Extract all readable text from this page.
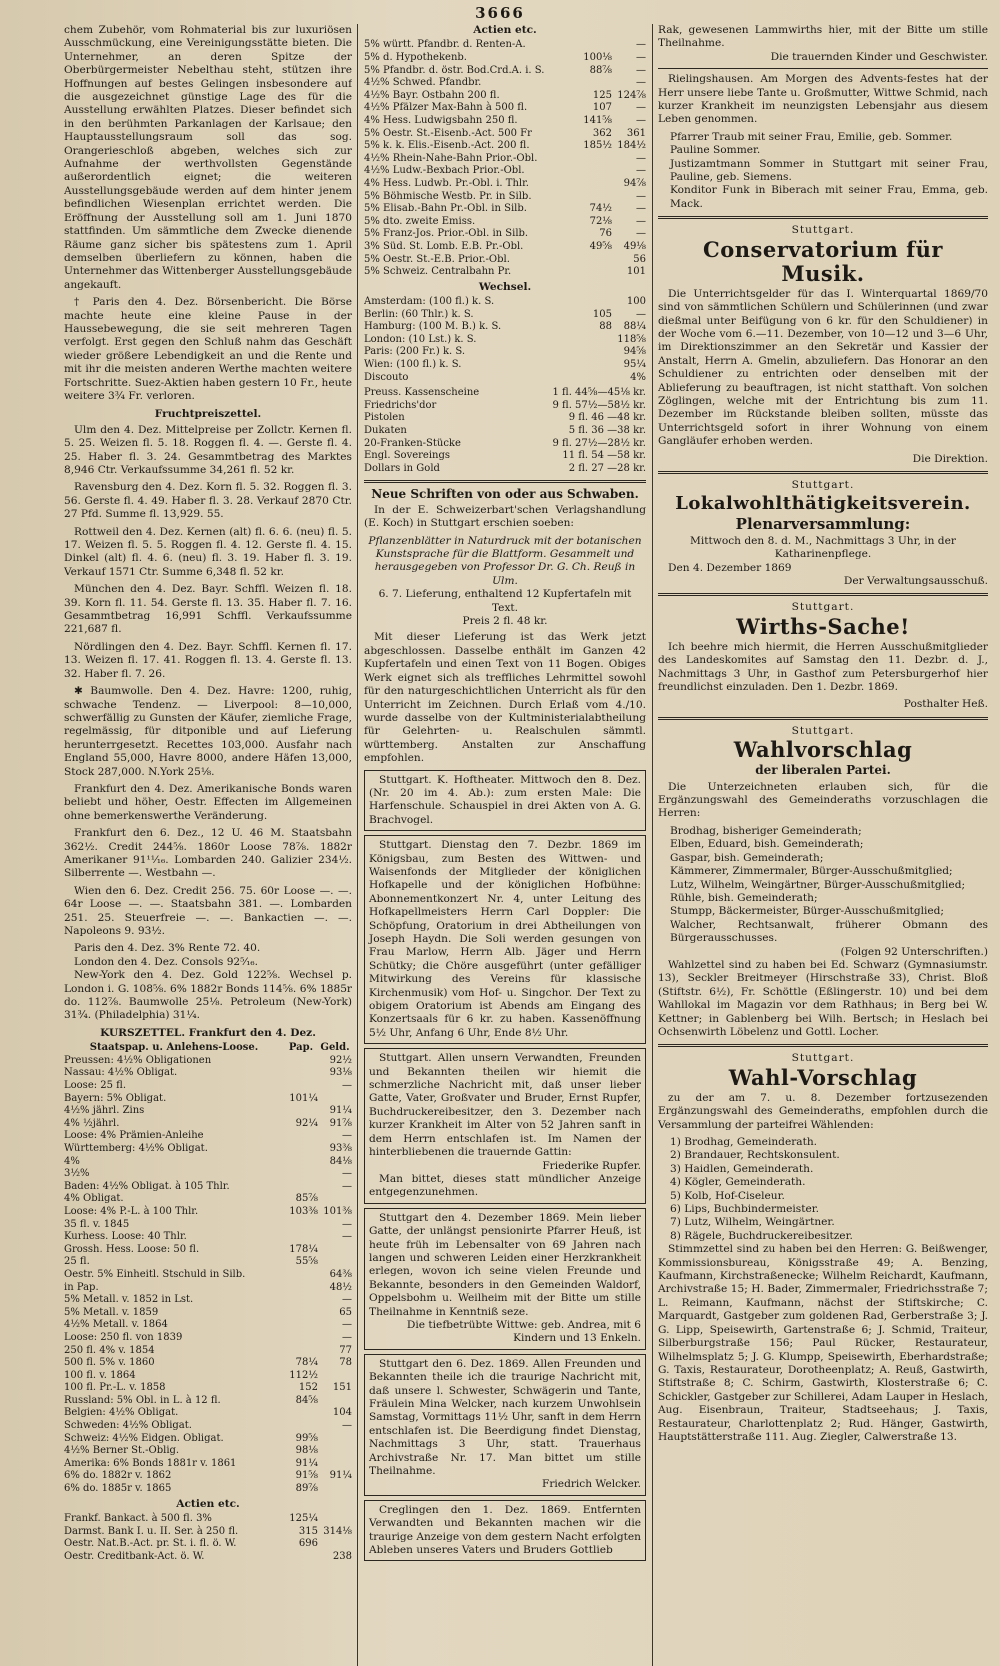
3666

chem Zubehör, vom Rohmaterial bis zur luxuriösen Ausschmückung, eine Vereinigungsstätte bieten. Die Unternehmer, an deren Spitze der Oberbürgermeister Nebelthau steht, stützen ihre Hoffnungen auf bestes Gelingen insbesondere auf die ausgezeichnet günstige Lage des für die Ausstellung erwählten Platzes. Dieser befindet sich in den berühmten Parkanlagen der Karlsaue; den Hauptausstellungsraum soll das sog. Orangerieschloß abgeben, welches sich zur Aufnahme der werthvollsten Gegenstände außerordentlich eignet; die weiteren Ausstellungsgebäude werden auf dem hinter jenem befindlichen Wiesenplan errichtet werden. Die Eröffnung der Ausstellung soll am 1. Juni 1870 stattfinden. Um sämmtliche dem Zwecke dienende Räume ganz sicher bis spätestens zum 1. April demselben überliefern zu können, haben die Unternehmer das Wittenberger Ausstellungsgebäude angekauft.

† Paris den 4. Dez. Börsenbericht. Die Börse machte heute eine kleine Pause in der Haussebewegung, die sie seit mehreren Tagen verfolgt. Erst gegen den Schluß nahm das Geschäft wieder größere Lebendigkeit an und die Rente und mit ihr die meisten anderen Werthe machten weitere Fortschritte. Suez-Aktien haben gestern 10 Fr., heute weitere 3¾ Fr. verloren.

Fruchtpreiszettel.

Ulm den 4. Dez. Mittelpreise per Zollctr. Kernen fl. 5. 25. Weizen fl. 5. 18. Roggen fl. 4. —. Gerste fl. 4. 25. Haber fl. 3. 24. Gesammtbetrag des Marktes 8,946 Ctr. Verkaufssumme 34,261 fl. 52 kr.

Ravensburg den 4. Dez. Korn fl. 5. 32. Roggen fl. 3. 56. Gerste fl. 4. 49. Haber fl. 3. 28. Verkauf 2870 Ctr. 27 Pfd. Summe fl. 13,929. 55.

Rottweil den 4. Dez. Kernen (alt) fl. 6. 6. (neu) fl. 5. 17. Weizen fl. 5. 5. Roggen fl. 4. 12. Gerste fl. 4. 15. Dinkel (alt) fl. 4. 6. (neu) fl. 3. 19. Haber fl. 3. 19. Verkauf 1571 Ctr. Summe 6,348 fl. 52 kr.

München den 4. Dez. Bayr. Schffl. Weizen fl. 18. 39. Korn fl. 11. 54. Gerste fl. 13. 35. Haber fl. 7. 16. Gesammtbetrag 16,991 Schffl. Verkaufssumme 221,687 fl.

Nördlingen den 4. Dez. Bayr. Schffl. Kernen fl. 17. 13. Weizen fl. 17. 41. Roggen fl. 13. 4. Gerste fl. 13. 32. Haber fl. 7. 26.

✱ Baumwolle. Den 4. Dez. Havre: 1200, ruhig, schwache Tendenz. — Liverpool: 8—10,000, schwerfällig zu Gunsten der Käufer, ziemliche Frage, regelmässig, für ditponible und auf Lieferung herunterrgesetzt. Recettes 103,000. Ausfahr nach England 55,000, Havre 8000, andere Häfen 13,000, Stock 287,000. N.York 25⅛.

Frankfurt den 4. Dez. Amerikanische Bonds waren beliebt und höher, Oestr. Effecten im Allgemeinen ohne bemerkenswerthe Veränderung.

Frankfurt den 6. Dez., 12 U. 46 M. Staatsbahn 362½. Credit 244⅝. 1860r Loose 78⅞. 1882r Amerikaner 91¹¹⁄₁₆. Lombarden 240. Galizier 234½. Silberrente —. Westbahn —.

Wien den 6. Dez. Credit 256. 75. 60r Loose —. —. 64r Loose —. —. Staatsbahn 381. —. Lombarden 251. 25. Steuerfreie —. —. Bankactien —. —. Napoleons 9. 93½.

Paris den 4. Dez. 3% Rente 72. 40.

London den 4. Dez. Consols 92⁵⁄₁₆.

New-York den 4. Dez. Gold 122⅝. Wechsel p. London i. G. 108⅝. 6% 1882r Bonds 114⅝. 6% 1885r do. 112⅞. Baumwolle 25⅛. Petroleum (New-York) 31¾. (Philadelphia) 31¼.

KURSZETTEL. Frankfurt den 4. Dez.
Staatspap. u. Anlehens-Loose.	Pap.	Geld.
Preussen: 4½% Obligationen		92½
Nassau: 4½% Obligat.		93⅛
Loose: 25 fl.		—
Bayern: 5% Obligat.	101¼	
4½% jährl. Zins		91¼
4% ½jährl.	92¼	91⅞
Loose: 4% Prämien-Anleihe		—
Württemberg: 4½% Obligat.		93⅜
4%		84⅛
3½%		—
Baden: 4½% Obligat. à 105 Thlr.		—
4% Obligat.	85⅞	
Loose: 4% P.-L. à 100 Thlr.	103⅜	101⅜
35 fl. v. 1845		—
Kurhess. Loose: 40 Thlr.		—
Grossh. Hess. Loose: 50 fl.	178¼	
25 fl.	55⅝	
Oestr. 5% Einheitl. Stschuld in Silb.		64⅜
in Pap.		48½
5% Metall. v. 1852 in Lst.		—
5% Metall. v. 1859		65
4½% Metall. v. 1864		—
Loose: 250 fl. von 1839		—
250 fl. 4% v. 1854		77
500 fl. 5% v. 1860	78¼	78
100 fl. v. 1864	112½	
100 fl. Pr.-L. v. 1858	152	151
Russland: 5% Obl. in L. à 12 fl.	84⅝	
Belgien: 4½% Obligat.		104
Schweden: 4½% Obligat.		—
Schweiz: 4½% Eidgen. Obligat.	99⅝	
4½% Berner St.-Oblig.	98⅛	
Amerika: 6% Bonds 1881r v. 1861	91¼	
6% do. 1882r v. 1862	91⅝	91¼
6% do. 1885r v. 1865	89⅞	
Actien etc.
Frankf. Bankact. à 500 fl. 3%	125¼	
Darmst. Bank I. u. II. Ser. à 250 fl.	315	314⅛
Oestr. Nat.B.-Act. pr. St. i. fl. ö. W.	696	
Oestr. Creditbank-Act. ö. W.		238
Actien etc.
5% württ. Pfandbr. d. Renten-A.		—
5% d. Hypothekenb.	100⅛	—
5% Pfandbr. d. östr. Bod.Crd.A. i. S.	88⅞	—
4½% Schwed. Pfandbr.		—
4½% Bayr. Ostbahn 200 fl.	125	124⅞
4½% Pfälzer Max-Bahn à 500 fl.	107	—
4% Hess. Ludwigsbahn 250 fl.	141⅝	—
5% Oestr. St.-Eisenb.-Act. 500 Fr	362	361
5% k. k. Elis.-Eisenb.-Act. 200 fl.	185½	184½
4½% Rhein-Nahe-Bahn Prior.-Obl.		—
4½% Ludw.-Bexbach Prior.-Obl.		—
4% Hess. Ludwb. Pr.-Obl. i. Thlr.		94⅞
5% Böhmische Westb. Pr. in Silb.		—
5% Elisab.-Bahn Pr.-Obl. in Silb.	74½	—
5% dto. zweite Emiss.	72⅛	—
5% Franz-Jos. Prior.-Obl. in Silb.	76	—
3% Süd. St. Lomb. E.B. Pr.-Obl.	49⅝	49⅛
5% Oestr. St.-E.B. Prior.-Obl.		56
5% Schweiz. Centralbahn Pr.		101
Wechsel.
Amsterdam: (100 fl.) k. S.		100
Berlin: (60 Thlr.) k. S.	105	—
Hamburg: (100 M. B.) k. S.	88	88¼
London: (10 Lst.) k. S.		118⅝
Paris: (200 Fr.) k. S.		94⅝
Wien: (100 fl.) k. S.		95¼
Discouto		4%
Preuss. Kassenscheine	1 fl. 44⅝—45⅛ kr.
Friedrichs'dor	9 fl. 57½—58½ kr.
Pistolen	9 fl. 46 —48 kr.
Dukaten	5 fl. 36 —38 kr.
20-Franken-Stücke	9 fl. 27½—28½ kr.
Engl. Sovereings	11 fl. 54 —58 kr.
Dollars in Gold	2 fl. 27 —28 kr.
Neue Schriften von oder aus Schwaben.

In der E. Schweizerbart'schen Verlagshandlung (E. Koch) in Stuttgart erschien soeben:

Pflanzenblätter in Naturdruck mit der botanischen Kunstsprache für die Blattform. Gesammelt und herausgegeben von Professor Dr. G. Ch. Reuß in Ulm.

6. 7. Lieferung, enthaltend 12 Kupfertafeln mit Text.

Preis 2 fl. 48 kr.

Mit dieser Lieferung ist das Werk jetzt abgeschlossen. Dasselbe enthält im Ganzen 42 Kupfertafeln und einen Text von 11 Bogen. Obiges Werk eignet sich als treffliches Lehrmittel sowohl für den naturgeschichtlichen Unterricht als für den Unterricht im Zeichnen. Durch Erlaß vom 4./10. wurde dasselbe von der Kultministerialabtheilung für Gelehrten- u. Realschulen sämmtl. württemberg. Anstalten zur Anschaffung empfohlen.

Stuttgart. K. Hoftheater. Mittwoch den 8. Dez. (Nr. 20 im 4. Ab.): zum ersten Male: Die Harfenschule. Schauspiel in drei Akten von A. G. Brachvogel.

Stuttgart. Dienstag den 7. Dezbr. 1869 im Königsbau, zum Besten des Wittwen- und Waisenfonds der Mitglieder der königlichen Hofkapelle und der königlichen Hofbühne: Abonnementkonzert Nr. 4, unter Leitung des Hofkapellmeisters Herrn Carl Doppler: Die Schöpfung, Oratorium in drei Abtheilungen von Joseph Haydn. Die Soli werden gesungen von Frau Marlow, Herrn Alb. Jäger und Herrn Schütky; die Chöre ausgeführt (unter gefälliger Mitwirkung des Vereins für klassische Kirchenmusik) vom Hof- u. Singchor. Der Text zu obigem Oratorium ist Abends am Eingang des Konzertsaals für 6 kr. zu haben. Kassenöffnung 5½ Uhr, Anfang 6 Uhr, Ende 8½ Uhr.

Stuttgart. Allen unsern Verwandten, Freunden und Bekannten theilen wir hiemit die schmerzliche Nachricht mit, daß unser lieber Gatte, Vater, Großvater und Bruder, Ernst Rupfer, Buchdruckereibesitzer, den 3. Dezember nach kurzer Krankheit im Alter von 52 Jahren sanft in dem Herrn entschlafen ist. Im Namen der hinterbliebenen die trauernde Gattin:

Friederike Rupfer.

Man bittet, dieses statt mündlicher Anzeige entgegenzunehmen.

Stuttgart den 4. Dezember 1869. Mein lieber Gatte, der unlängst pensionirte Pfarrer Heuß, ist heute früh im Lebensalter von 69 Jahren nach langen und schweren Leiden einer Herzkrankheit erlegen, wovon ich seine vielen Freunde und Bekannte, besonders in den Gemeinden Waldorf, Oppelsbohm u. Weilheim mit der Bitte um stille Theilnahme in Kenntniß seze.

Die tiefbetrübte Wittwe: geb. Andrea, mit 6 Kindern und 13 Enkeln.

Stuttgart den 6. Dez. 1869. Allen Freunden und Bekannten theile ich die traurige Nachricht mit, daß unsere l. Schwester, Schwägerin und Tante, Fräulein Mina Welcker, nach kurzem Unwohlsein Samstag, Vormittags 11½ Uhr, sanft in dem Herrn entschlafen ist. Die Beerdigung findet Dienstag, Nachmittags 3 Uhr, statt. Trauerhaus Archivstraße Nr. 17. Man bittet um stille Theilnahme.

Friedrich Welcker.

Creglingen den 1. Dez. 1869. Entfernten Verwandten und Bekannten machen wir die traurige Anzeige von dem gestern Nacht erfolgten Ableben unseres Vaters und Bruders Gottlieb

Rak, gewesenen Lammwirths hier, mit der Bitte um stille Theilnahme.

Die trauernden Kinder und Geschwister.

Rielingshausen. Am Morgen des Advents-festes hat der Herr unsere liebe Tante u. Großmutter, Wittwe Schmid, nach kurzer Krankheit im neunzigsten Lebensjahr aus diesem Leben genommen.

Pfarrer Traub mit seiner Frau, Emilie, geb. Sommer.
Pauline Sommer.
Justizamtmann Sommer in Stuttgart mit seiner Frau, Pauline, geb. Siemens.
Konditor Funk in Biberach mit seiner Frau, Emma, geb. Mack.
Stuttgart.
Conservatorium für Musik.

Die Unterrichtsgelder für das I. Winterquartal 1869/70 sind von sämmtlichen Schülern und Schülerinnen (und zwar dießmal unter Beifügung von 6 kr. für den Schuldiener) in der Woche vom 6.—11. Dezember, von 10—12 und 3—6 Uhr, im Direktionszimmer an den Sekretär und Kassier der Anstalt, Herrn A. Gmelin, abzuliefern. Das Honorar an den Schuldiener zu entrichten oder denselben mit der Ablieferung zu beauftragen, ist nicht statthaft. Von solchen Zöglingen, welche mit der Entrichtung bis zum 11. Dezember im Rückstande bleiben sollten, müsste das Unterrichtsgeld sofort in ihrer Wohnung von einem Gangläufer erhoben werden.

Die Direktion.

Stuttgart.
Lokalwohlthätigkeitsverein.
Plenarversammlung:

Mittwoch den 8. d. M., Nachmittags 3 Uhr, in der Katharinenpflege.

Den 4. Dezember 1869

Der Verwaltungsausschuß.

Stuttgart.
Wirths-Sache!

Ich beehre mich hiermit, die Herren Ausschußmitglieder des Landeskomites auf Samstag den 11. Dezbr. d. J., Nachmittags 3 Uhr, in Gasthof zum Petersburgerhof hier freundlichst einzuladen. Den 1. Dezbr. 1869.

Posthalter Heß.

Stuttgart.
Wahlvorschlag
der liberalen Partei.

Die Unterzeichneten erlauben sich, für die Ergänzungswahl des Gemeinderaths vorzuschlagen die Herren:

Brodhag, bisheriger Gemeinderath;
Elben, Eduard, bish. Gemeinderath;
Gaspar, bish. Gemeinderath;
Kämmerer, Zimmermaler, Bürger-Ausschußmitglied;
Lutz, Wilhelm, Weingärtner, Bürger-Ausschußmitglied;
Rühle, bish. Gemeinderath;
Stumpp, Bäckermeister, Bürger-Ausschußmitglied;
Walcher, Rechtsanwalt, früherer Obmann des Bürgerausschusses.

(Folgen 92 Unterschriften.)

Wahlzettel sind zu haben bei Ed. Schwarz (Gymnasiumstr. 13), Seckler Breitmeyer (Hirschstraße 33), Christ. Bloß (Stiftstr. 6½), Fr. Schöttle (Eßlingerstr. 10) und bei dem Wahllokal im Magazin vor dem Rathhaus; in Berg bei W. Kettner; in Gablenberg bei Wilh. Bertsch; in Heslach bei Ochsenwirth Löbelenz und Gottl. Locher.

Stuttgart.
Wahl-Vorschlag

zu der am 7. u. 8. Dezember fortzusezenden Ergänzungswahl des Gemeinderaths, empfohlen durch die Versammlung der parteifrei Wählenden:

1) Brodhag, Gemeinderath.
2) Brandauer, Rechtskonsulent.
3) Haidlen, Gemeinderath.
4) Kögler, Gemeinderath.
5) Kolb, Hof-Ciseleur.
6) Lips, Buchbindermeister.
7) Lutz, Wilhelm, Weingärtner.
8) Rägele, Buchdruckereibesitzer.

Stimmzettel sind zu haben bei den Herren: G. Beißwenger, Kommissionsbureau, Königsstraße 49; A. Benzing, Kaufmann, Kirchstraßenecke; Wilhelm Reichardt, Kaufmann, Archivstraße 15; H. Bader, Zimmermaler, Friedrichsstraße 7; L. Reimann, Kaufmann, nächst der Stiftskirche; C. Marquardt, Gastgeber zum goldenen Rad, Gerberstraße 3; J. G. Lipp, Speisewirth, Gartenstraße 6; J. Schmid, Traiteur, Silberburgstraße 156; Paul Rücker, Restaurateur, Wilhelmsplatz 5; J. G. Klumpp, Speisewirth, Eberhardstraße; G. Taxis, Restaurateur, Dorotheenplatz; A. Reuß, Gastwirth, Stiftstraße 8; C. Schirm, Gastwirth, Klosterstraße 6; C. Schickler, Gastgeber zur Schillerei, Adam Lauper in Heslach, Aug. Eisenbraun, Traiteur, Stadtseehaus; J. Taxis, Restaurateur, Charlottenplatz 2; Rud. Hänger, Gastwirth, Hauptstätterstraße 111. Aug. Ziegler, Calwerstraße 13.
